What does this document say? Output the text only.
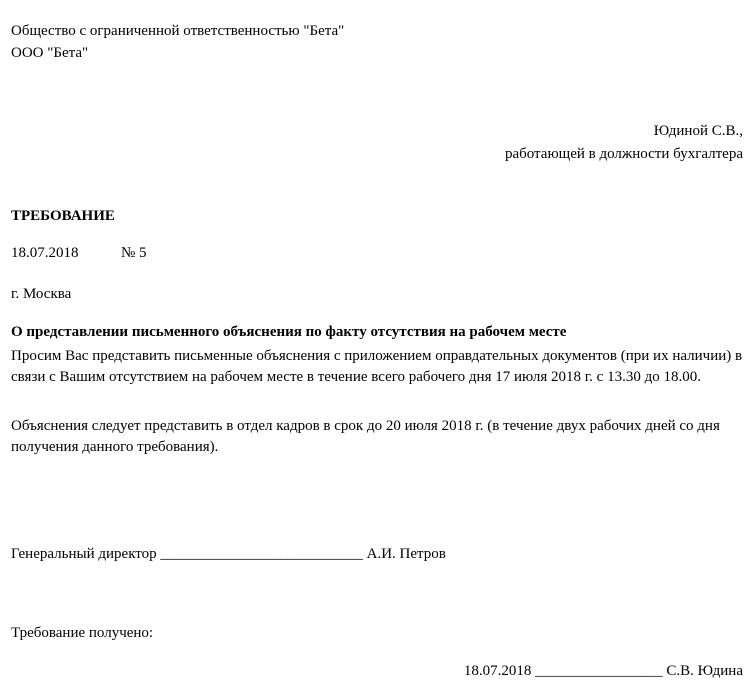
Общество с ограниченной ответственностью "Бета"
ООО "Бета"
Юдиной С.В.,
работающей в должности бухгалтера
ТРЕБОВАНИЕ
18.07.2018	№ 5
г. Москва
О представлении письменного объяснения по факту отсутствия на рабочем месте
Просим Вас представить письменные объяснения с приложением оправдательных документов (при их наличии) в связи с Вашим отсутствием на рабочем месте в течение всего рабочего дня 17 июля 2018 г. с 13.30 до 18.00.
Объяснения следует представить в отдел кадров в срок до 20 июля 2018 г. (в течение двух рабочих дней со дня получения данного требования).
Генеральный директор ___________________________ А.И. Петров
Требование получено:
18.07.2018 _________________ С.В. Юдина
